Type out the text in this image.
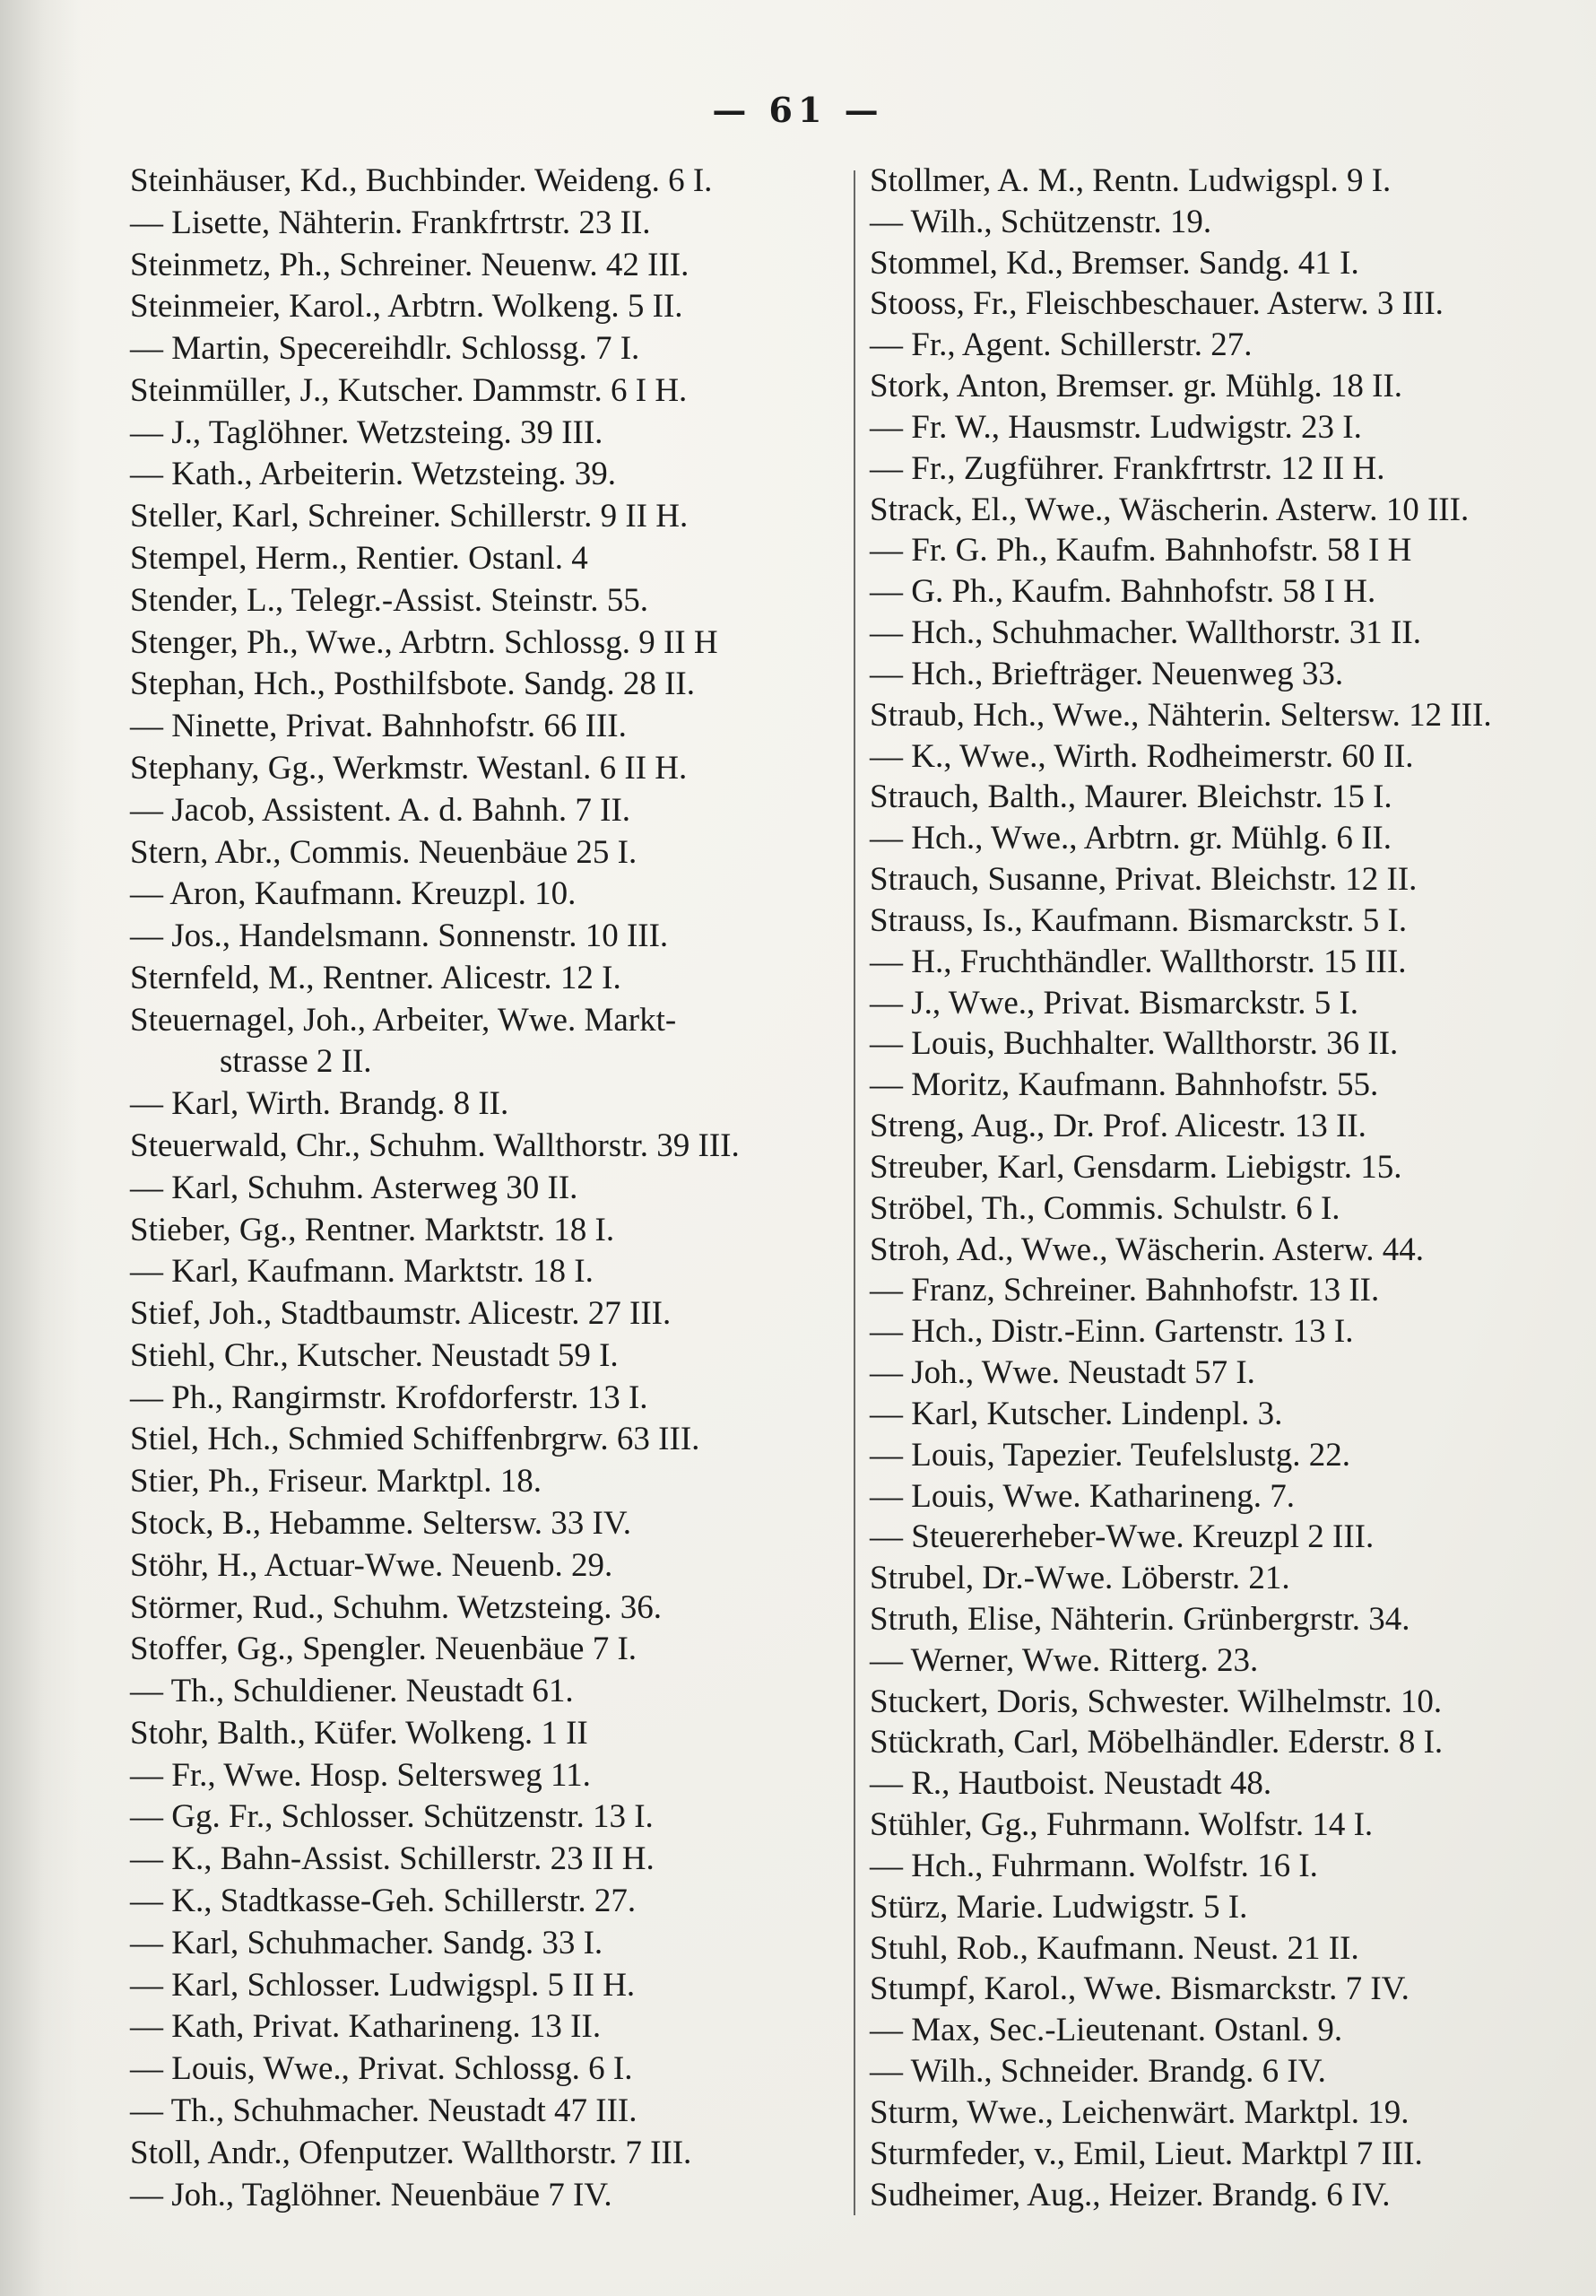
— 61 —
Steinhäuser, Kd., Buchbinder. Weideng. 6 I.
— Lisette, Nähterin. Frankfrtrstr. 23 II.
Steinmetz, Ph., Schreiner. Neuenw. 42 III.
Steinmeier, Karol., Arbtrn. Wolkeng. 5 II.
— Martin, Specereihdlr. Schlossg. 7 I.
Steinmüller, J., Kutscher. Dammstr. 6 I H.
— J., Taglöhner. Wetzsteing. 39 III.
— Kath., Arbeiterin. Wetzsteing. 39.
Steller, Karl, Schreiner. Schillerstr. 9 II H.
Stempel, Herm., Rentier. Ostanl. 4
Stender, L., Telegr.-Assist. Steinstr. 55.
Stenger, Ph., Wwe., Arbtrn. Schlossg. 9 II H
Stephan, Hch., Posthilfsbote. Sandg. 28 II.
— Ninette, Privat. Bahnhofstr. 66 III.
Stephany, Gg., Werkmstr. Westanl. 6 II H.
— Jacob, Assistent. A. d. Bahnh. 7 II.
Stern, Abr., Commis. Neuenbäue 25 I.
— Aron, Kaufmann. Kreuzpl. 10.
— Jos., Handelsmann. Sonnenstr. 10 III.
Sternfeld, M., Rentner. Alicestr. 12 I.
Steuernagel, Joh., Arbeiter, Wwe. Markt-
strasse 2 II.
— Karl, Wirth. Brandg. 8 II.
Steuerwald, Chr., Schuhm. Wallthorstr. 39 III.
— Karl, Schuhm. Asterweg 30 II.
Stieber, Gg., Rentner. Marktstr. 18 I.
— Karl, Kaufmann. Marktstr. 18 I.
Stief, Joh., Stadtbaumstr. Alicestr. 27 III.
Stiehl, Chr., Kutscher. Neustadt 59 I.
— Ph., Rangirmstr. Krofdorferstr. 13 I.
Stiel, Hch., Schmied Schiffenbrgrw. 63 III.
Stier, Ph., Friseur. Marktpl. 18.
Stock, B., Hebamme. Seltersw. 33 IV.
Stöhr, H., Actuar-Wwe. Neuenb. 29.
Störmer, Rud., Schuhm. Wetzsteing. 36.
Stoffer, Gg., Spengler. Neuenbäue 7 I.
— Th., Schuldiener. Neustadt 61.
Stohr, Balth., Küfer. Wolkeng. 1 II
— Fr., Wwe. Hosp. Seltersweg 11.
— Gg. Fr., Schlosser. Schützenstr. 13 I.
— K., Bahn-Assist. Schillerstr. 23 II H.
— K., Stadtkasse-Geh. Schillerstr. 27.
— Karl, Schuhmacher. Sandg. 33 I.
— Karl, Schlosser. Ludwigspl. 5 II H.
— Kath, Privat. Katharineng. 13 II.
— Louis, Wwe., Privat. Schlossg. 6 I.
— Th., Schuhmacher. Neustadt 47 III.
Stoll, Andr., Ofenputzer. Wallthorstr. 7 III.
— Joh., Taglöhner. Neuenbäue 7 IV.
Stollmer, A. M., Rentn. Ludwigspl. 9 I.
— Wilh., Schützenstr. 19.
Stommel, Kd., Bremser. Sandg. 41 I.
Stooss, Fr., Fleischbeschauer. Asterw. 3 III.
— Fr., Agent. Schillerstr. 27.
Stork, Anton, Bremser. gr. Mühlg. 18 II.
— Fr. W., Hausmstr. Ludwigstr. 23 I.
— Fr., Zugführer. Frankfrtrstr. 12 II H.
Strack, El., Wwe., Wäscherin. Asterw. 10 III.
— Fr. G. Ph., Kaufm. Bahnhofstr. 58 I H
— G. Ph., Kaufm. Bahnhofstr. 58 I H.
— Hch., Schuhmacher. Wallthorstr. 31 II.
— Hch., Briefträger. Neuenweg 33.
Straub, Hch., Wwe., Nähterin. Seltersw. 12 III.
— K., Wwe., Wirth. Rodheimerstr. 60 II.
Strauch, Balth., Maurer. Bleichstr. 15 I.
— Hch., Wwe., Arbtrn. gr. Mühlg. 6 II.
Strauch, Susanne, Privat. Bleichstr. 12 II.
Strauss, Is., Kaufmann. Bismarckstr. 5 I.
— H., Fruchthändler. Wallthorstr. 15 III.
— J., Wwe., Privat. Bismarckstr. 5 I.
— Louis, Buchhalter. Wallthorstr. 36 II.
— Moritz, Kaufmann. Bahnhofstr. 55.
Streng, Aug., Dr. Prof. Alicestr. 13 II.
Streuber, Karl, Gensdarm. Liebigstr. 15.
Ströbel, Th., Commis. Schulstr. 6 I.
Stroh, Ad., Wwe., Wäscherin. Asterw. 44.
— Franz, Schreiner. Bahnhofstr. 13 II.
— Hch., Distr.-Einn. Gartenstr. 13 I.
— Joh., Wwe. Neustadt 57 I.
— Karl, Kutscher. Lindenpl. 3.
— Louis, Tapezier. Teufelslustg. 22.
— Louis, Wwe. Katharineng. 7.
— Steuererheber-Wwe. Kreuzpl 2 III.
Strubel, Dr.-Wwe. Löberstr. 21.
Struth, Elise, Nähterin. Grünbergrstr. 34.
— Werner, Wwe. Ritterg. 23.
Stuckert, Doris, Schwester. Wilhelmstr. 10.
Stückrath, Carl, Möbelhändler. Ederstr. 8 I.
— R., Hautboist. Neustadt 48.
Stühler, Gg., Fuhrmann. Wolfstr. 14 I.
— Hch., Fuhrmann. Wolfstr. 16 I.
Stürz, Marie. Ludwigstr. 5 I.
Stuhl, Rob., Kaufmann. Neust. 21 II.
Stumpf, Karol., Wwe. Bismarckstr. 7 IV.
— Max, Sec.-Lieutenant. Ostanl. 9.
— Wilh., Schneider. Brandg. 6 IV.
Sturm, Wwe., Leichenwärt. Marktpl. 19.
Sturmfeder, v., Emil, Lieut. Marktpl 7 III.
Sudheimer, Aug., Heizer. Brandg. 6 IV.
